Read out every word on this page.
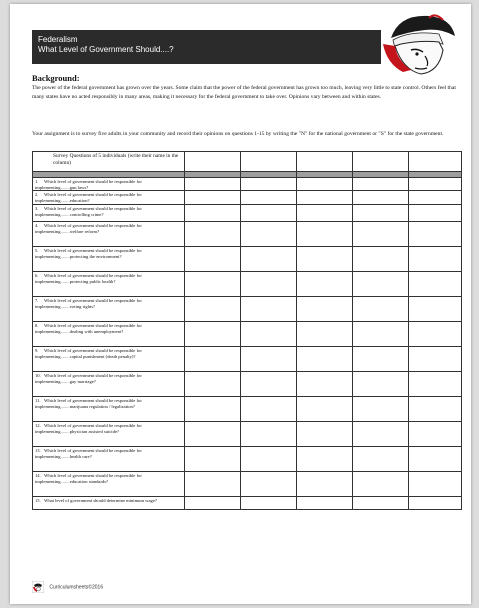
Federalism
What Level of Government Should....?
Background:
The power of the federal government has grown over the years. Some claim that the power of the federal government has grown too much, leaving very little to state control. Others feel that many states have no acted responsibly in many areas, making it necessary for the federal government to take over. Opinions vary between and within states.
Your assignment is to survey five adults in your community and record their opinions on questions 1-15 by writing the "N" for the national government or "S" for the state government.
Survey Questions of 5 individuals (write their name in the column)					

1. Which level of government should be responsible for implementing........gun laws?					

2. Which level of government should be responsible for implementing........education?					

3. Which level of government should be responsible for implementing........controlling crime?					

4. Which level of government should be responsible for implementing........welfare reform?					

5. Which level of government should be responsible for implementing........protecting the environment?					

6. Which level of government should be responsible for implementing........protecting public health?					

7. Which level of government should be responsible for implementing........voting rights?					

8. Which level of government should be responsible for implementing........dealing with unemployment?					

9. Which level of government should be responsible for implementing........capital punishment (death penalty)?					

10. Which level of government should be responsible for implementing........gay marriage?					

11. Which level of government should be responsible for implementing........marijuana regulation / legalization?					

12. Which level of government should be responsible for implementing........physician assisted suicide?					

13. Which level of government should be responsible for implementing........health care?					

14. Which level of government should be responsible for implementing........education standards?					

15. What level of government should determine minimum wage?					

Curriculumsheets©2016
